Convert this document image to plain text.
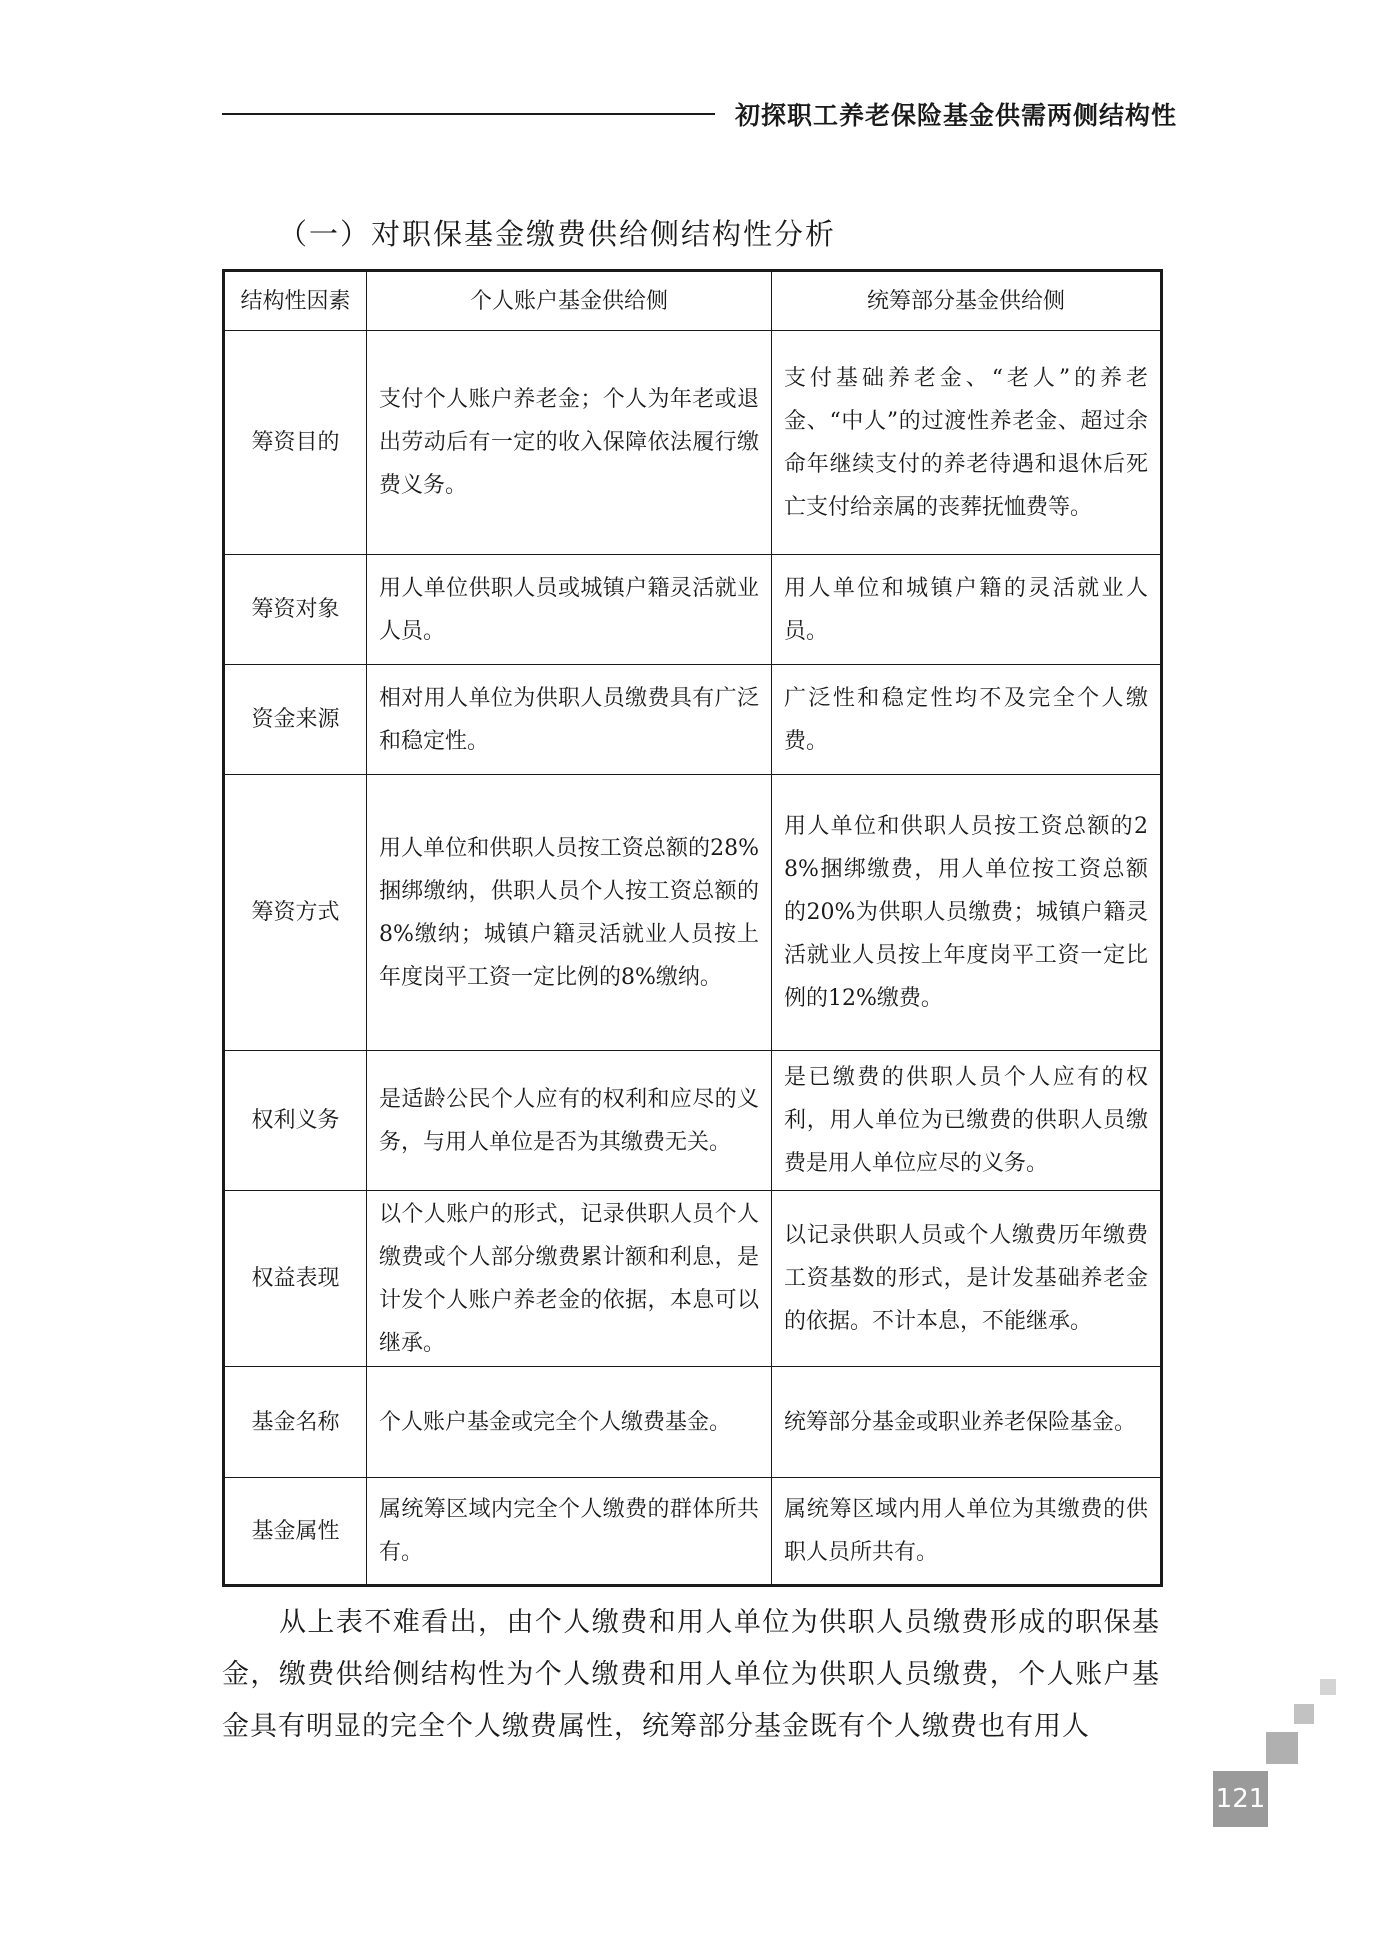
初探职工养老保险基金供需两侧结构性
（一）对职保基金缴费供给侧结构性分析
结构性因素	个人账户基金供给侧	统筹部分基金供给侧
筹资目的	支付个人账户养老金；个人为年老或退出劳动后有一定的收入保障依法履行缴费义务。	支付基础养老金、“老人”的养老金、“中人”的过渡性养老金、超过余命年继续支付的养老待遇和退休后死亡支付给亲属的丧葬抚恤费等。
筹资对象	用人单位供职人员或城镇户籍灵活就业人员。	用人单位和城镇户籍的灵活就业人员。
资金来源	相对用人单位为供职人员缴费具有广泛和稳定性。	广泛性和稳定性均不及完全个人缴费。
筹资方式	用人单位和供职人员按工资总额的28%捆绑缴纳，供职人员个人按工资总额的8%缴纳；城镇户籍灵活就业人员按上年度岗平工资一定比例的8%缴纳。	用人单位和供职人员按工资总额的28%捆绑缴费，用人单位按工资总额的20%为供职人员缴费；城镇户籍灵活就业人员按上年度岗平工资一定比例的12%缴费。
权利义务	是适龄公民个人应有的权利和应尽的义务，与用人单位是否为其缴费无关。	是已缴费的供职人员个人应有的权利，用人单位为已缴费的供职人员缴费是用人单位应尽的义务。
权益表现	以个人账户的形式，记录供职人员个人缴费或个人部分缴费累计额和利息，是计发个人账户养老金的依据，本息可以继承。	以记录供职人员或个人缴费历年缴费工资基数的形式，是计发基础养老金的依据。不计本息，不能继承。
基金名称	个人账户基金或完全个人缴费基金。	统筹部分基金或职业养老保险基金。
基金属性	属统筹区域内完全个人缴费的群体所共有。	属统筹区域内用人单位为其缴费的供职人员所共有。

从上表不难看出，由个人缴费和用人单位为供职人员缴费形成的职保基金，缴费供给侧结构性为个人缴费和用人单位为供职人员缴费，个人账户基金具有明显的完全个人缴费属性，统筹部分基金既有个人缴费也有用人

121
